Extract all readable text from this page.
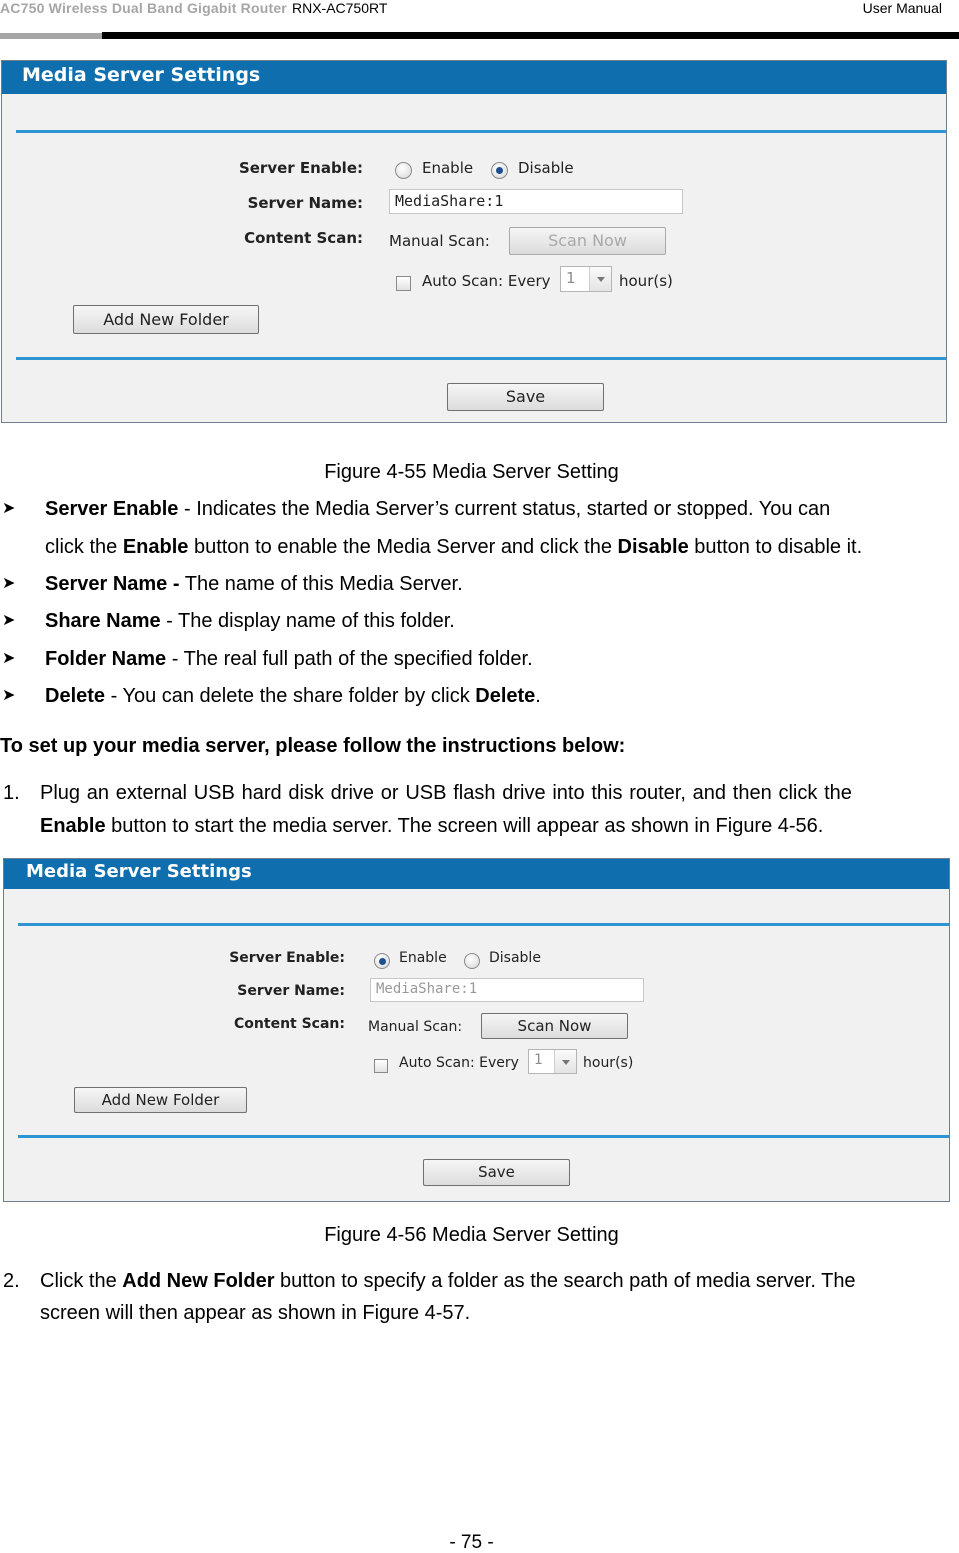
AC750 Wireless Dual Band Gigabit Router RNX-AC750RT	User Manual
Media Server Settings
Server Enable:	Enable	Disable
Server Name:	MediaShare:1
Content Scan: Manual Scan:	Scan Now
Auto Scan: Every	1	hour(s)
Add New Folder
Save
Figure 4-55 Media Server Setting
➤ Server Enable - Indicates the Media Server’s current status, started or stopped. You can
click the Enable button to enable the Media Server and click the Disable button to disable it.
➤ Server Name - The name of this Media Server.
➤ Share Name - The display name of this folder.
➤ Folder Name - The real full path of the specified folder.
➤ Delete - You can delete the share folder by click Delete.
To set up your media server, please follow the instructions below:
1. Plug an external USB hard disk drive or USB flash drive into this router, and then click the
Enable button to start the media server. The screen will appear as shown in Figure 4-56.
Media Server Settings
Server Enable:	Enable	Disable
Server Name:	MediaShare:1
Content Scan: Manual Scan:	Scan Now
Auto Scan: Every	1	hour(s)
Add New Folder
Save
Figure 4-56 Media Server Setting
2. Click the Add New Folder button to specify a folder as the search path of media server. The
screen will then appear as shown in Figure 4-57.
- 75 -
